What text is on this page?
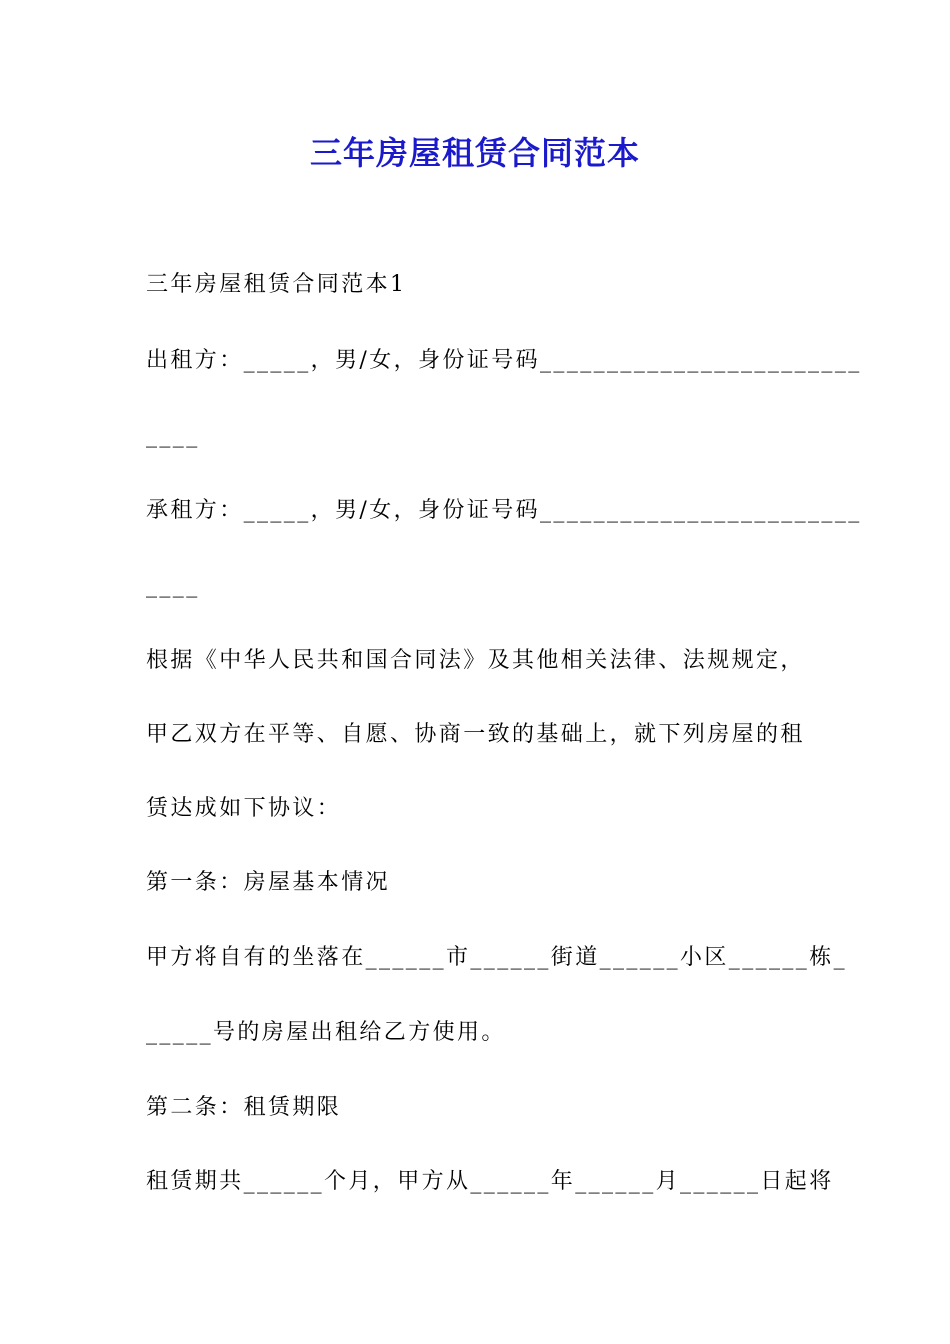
三年房屋租赁合同范本
三年房屋租赁合同范本1
出租方：_____，男/女，身份证号码________________________
____
承租方：_____，男/女，身份证号码________________________
____
根据《中华人民共和国合同法》及其他相关法律、法规规定，
甲乙双方在平等、自愿、协商一致的基础上，就下列房屋的租
赁达成如下协议：
第一条：房屋基本情况
甲方将自有的坐落在______市______街道______小区______栋_
_____号的房屋出租给乙方使用。
第二条：租赁期限
租赁期共______个月，甲方从______年______月______日起将
